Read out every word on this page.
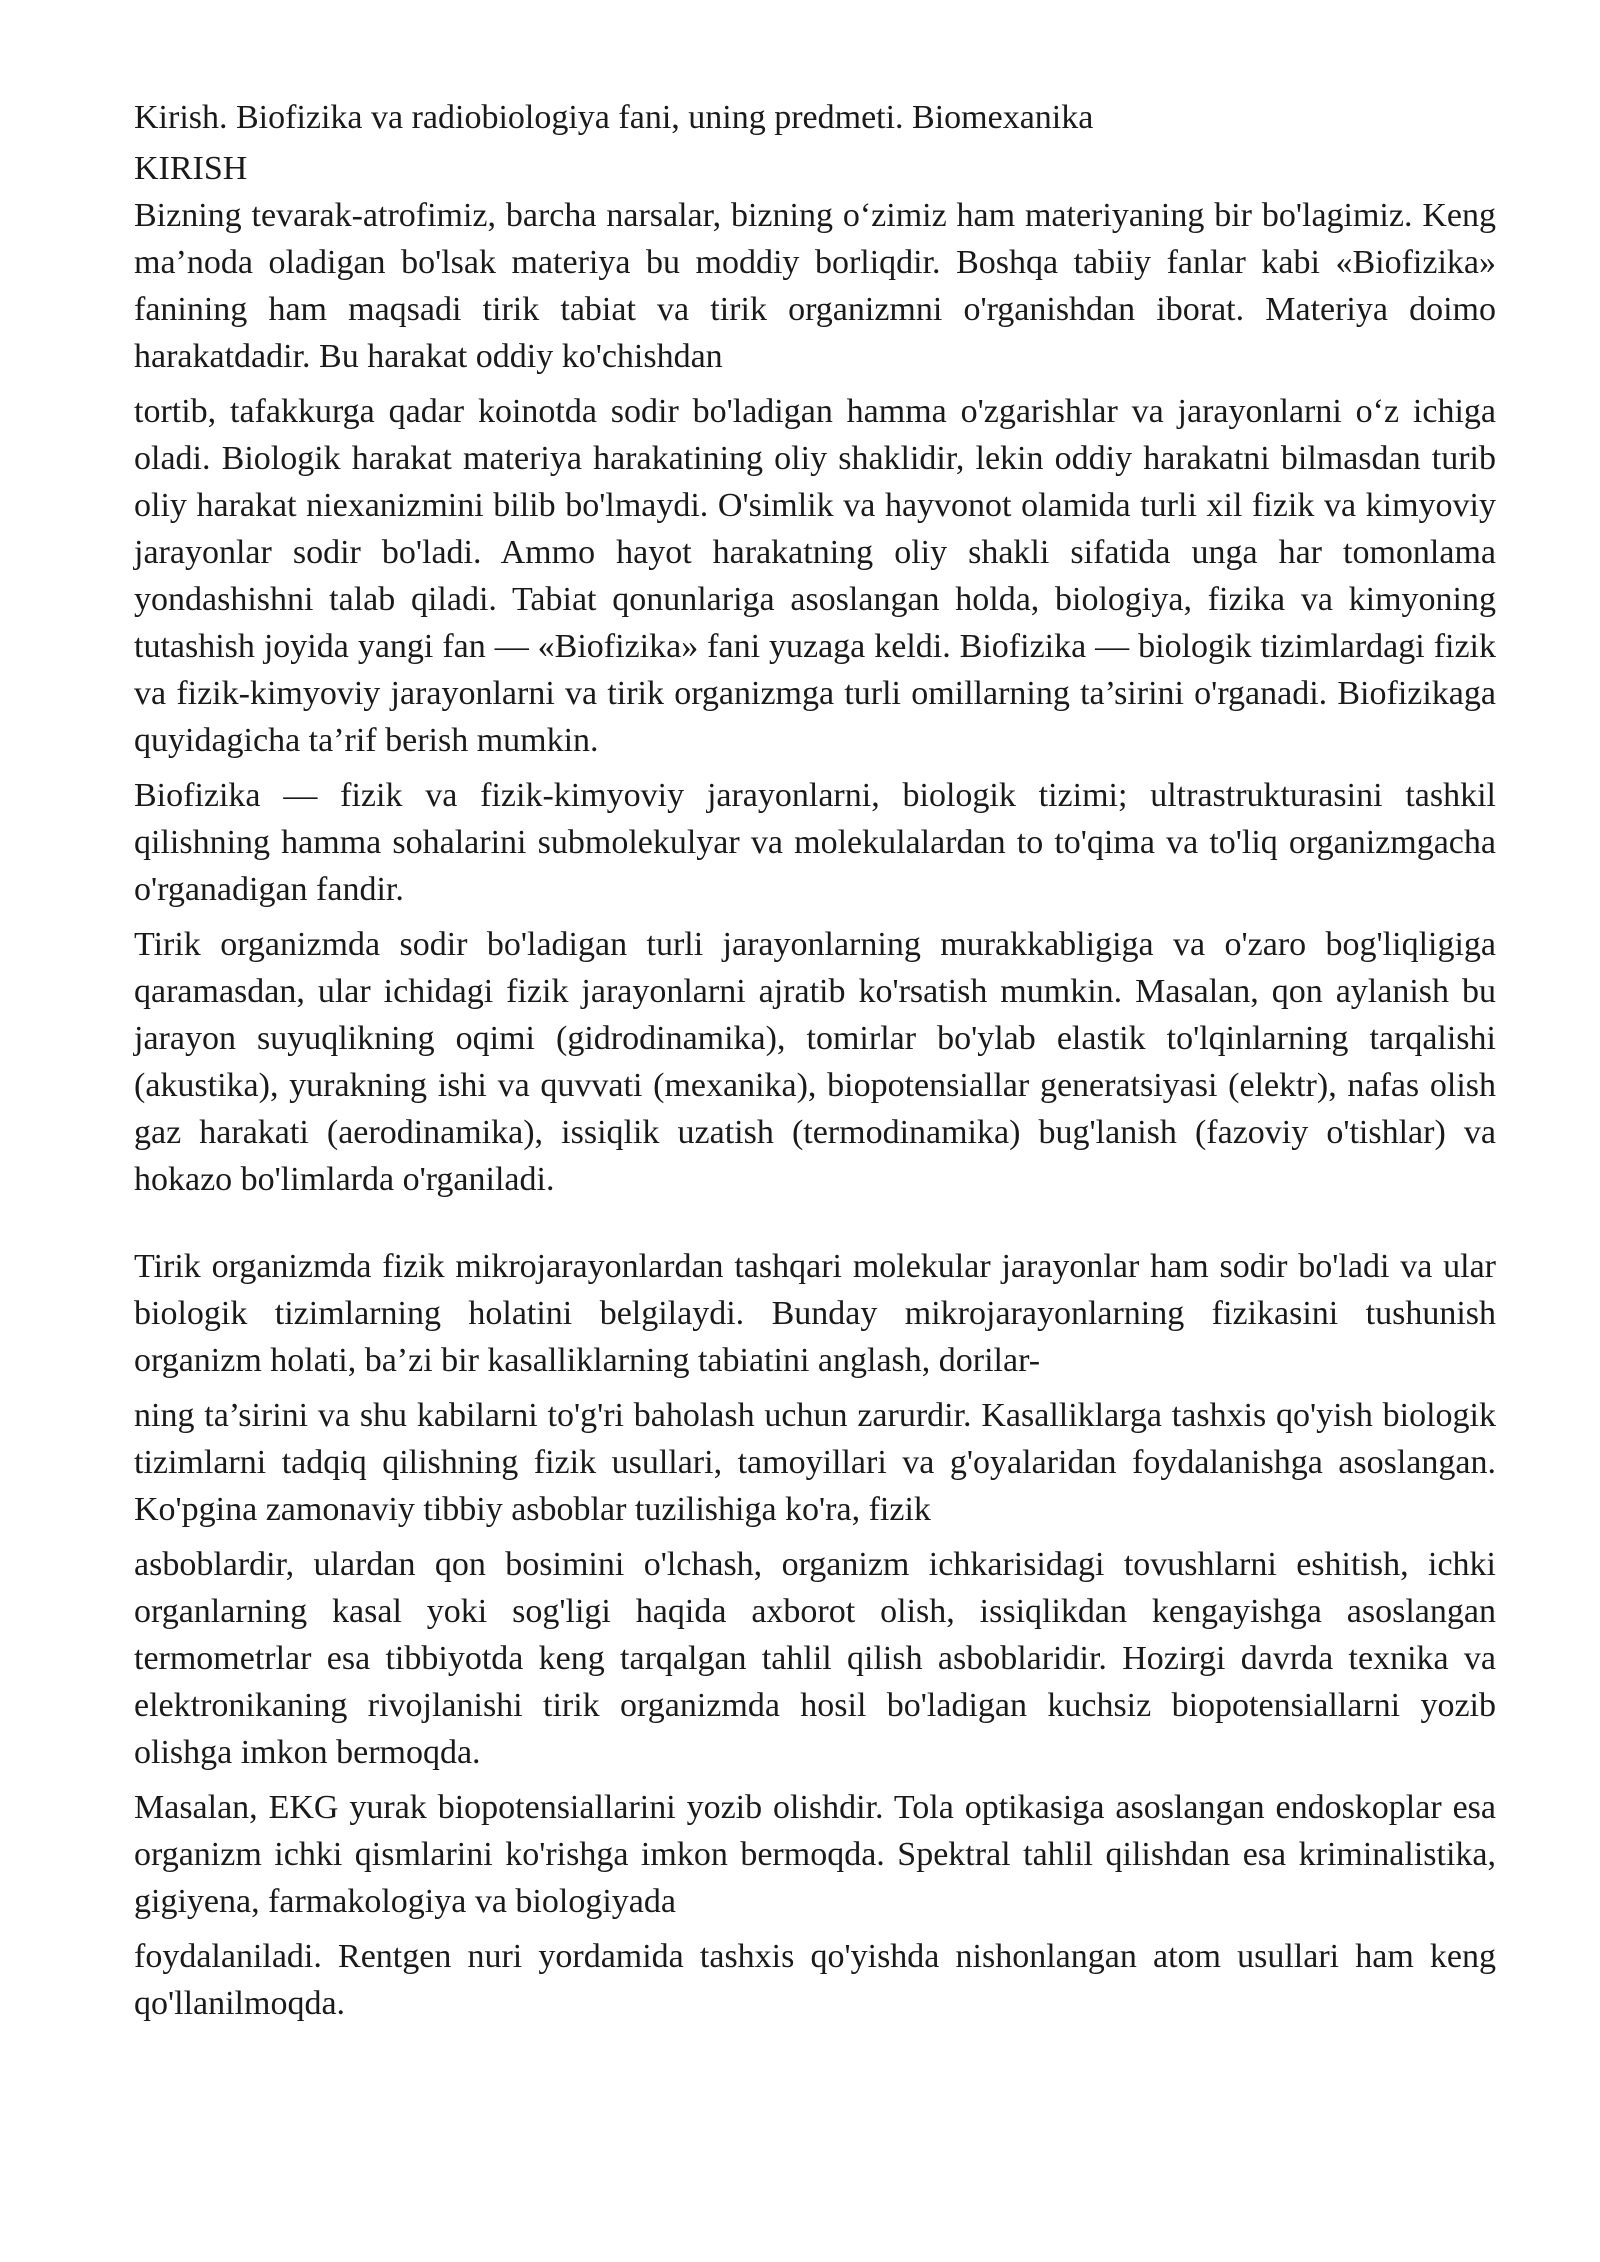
Kirish. Biofizika va radiobiologiya fani, uning predmeti. Biomexanika
KIRISH

Bizning tevarak-atrofimiz, barcha narsalar, bizning o‘zimiz ham materiyaning bir bo'lagimiz. Keng ma’noda oladigan bo'lsak materiya bu moddiy borliqdir. Boshqa tabiiy fanlar kabi «Biofizika» fanining ham maqsadi tirik tabiat va tirik organizmni o'rganishdan iborat. Materiya doimo harakatdadir. Bu harakat oddiy ko'chishdan

tortib, tafakkurga qadar koinotda sodir bo'ladigan hamma o'zgarishlar va jarayonlarni o‘z ichiga oladi. Biologik harakat materiya harakatining oliy shaklidir, lekin oddiy harakatni bilmasdan turib oliy harakat niexanizmini bilib bo'lmaydi. O'simlik va hayvonot olamida turli xil fizik va kimyoviy jarayonlar sodir bo'ladi. Ammo hayot harakatning oliy shakli sifatida unga har tomonlama yondashishni talab qiladi. Tabiat qonunlariga asoslangan holda, biologiya, fizika va kimyoning tutashish joyida yangi fan — «Biofizika» fani yuzaga keldi. Biofizika — biologik tizimlardagi fizik va fizik-kimyoviy jarayonlarni va tirik organizmga turli omillarning ta’sirini o'rganadi. Biofizikaga quyidagicha ta’rif berish mumkin.

Biofizika — fizik va fizik-kimyoviy jarayonlarni, biologik tizimi; ultrastrukturasini tashkil qilishning hamma sohalarini submolekulyar va molekulalardan to to'qima va to'liq organizmgacha o'rganadigan fandir.

Tirik organizmda sodir bo'ladigan turli jarayonlarning murakkabligiga va o'zaro bog'liqligiga qaramasdan, ular ichidagi fizik jarayonlarni ajratib ko'rsatish mumkin. Masalan, qon aylanish bu jarayon suyuqlikning oqimi (gidrodinamika), tomirlar bo'ylab elastik to'lqinlarning tarqalishi (akustika), yurakning ishi va quvvati (mexanika), biopotensiallar generatsiyasi (elektr), nafas olish gaz harakati (aerodinamika), issiqlik uzatish (termodinamika) bug'lanish (fazoviy o'tishlar) va hokazo bo'limlarda o'rganiladi.

Tirik organizmda fizik mikrojarayonlardan tashqari molekular jarayonlar ham sodir bo'ladi va ular biologik tizimlarning holatini belgilaydi. Bunday mikrojarayonlarning fizikasini tushunish organizm holati, ba’zi bir kasalliklarning tabiatini anglash, dorilar-

ning ta’sirini va shu kabilarni to'g'ri baholash uchun zarurdir. Kasalliklarga tashxis qo'yish biologik tizimlarni tadqiq qilishning fizik usullari, tamoyillari va g'oyalaridan foydalanishga asoslangan. Ko'pgina zamonaviy tibbiy asboblar tuzilishiga ko'ra, fizik

asboblardir, ulardan qon bosimini o'lchash, organizm ichkarisidagi tovushlarni eshitish, ichki organlarning kasal yoki sog'ligi haqida axborot olish, issiqlikdan kengayishga asoslangan termometrlar esa tibbiyotda keng tarqalgan tahlil qilish asboblaridir. Hozirgi davrda texnika va elektronikaning rivojlanishi tirik organizmda hosil bo'ladigan kuchsiz biopotensiallarni yozib olishga imkon bermoqda.

Masalan, EKG yurak biopotensiallarini yozib olishdir. Tola optikasiga asoslangan endoskoplar esa organizm ichki qismlarini ko'rishga imkon bermoqda. Spektral tahlil qilishdan esa kriminalistika, gigiyena, farmakologiya va biologiyada

foydalaniladi. Rentgen nuri yordamida tashxis qo'yishda nishonlangan atom usullari ham keng qo'llanilmoqda.
